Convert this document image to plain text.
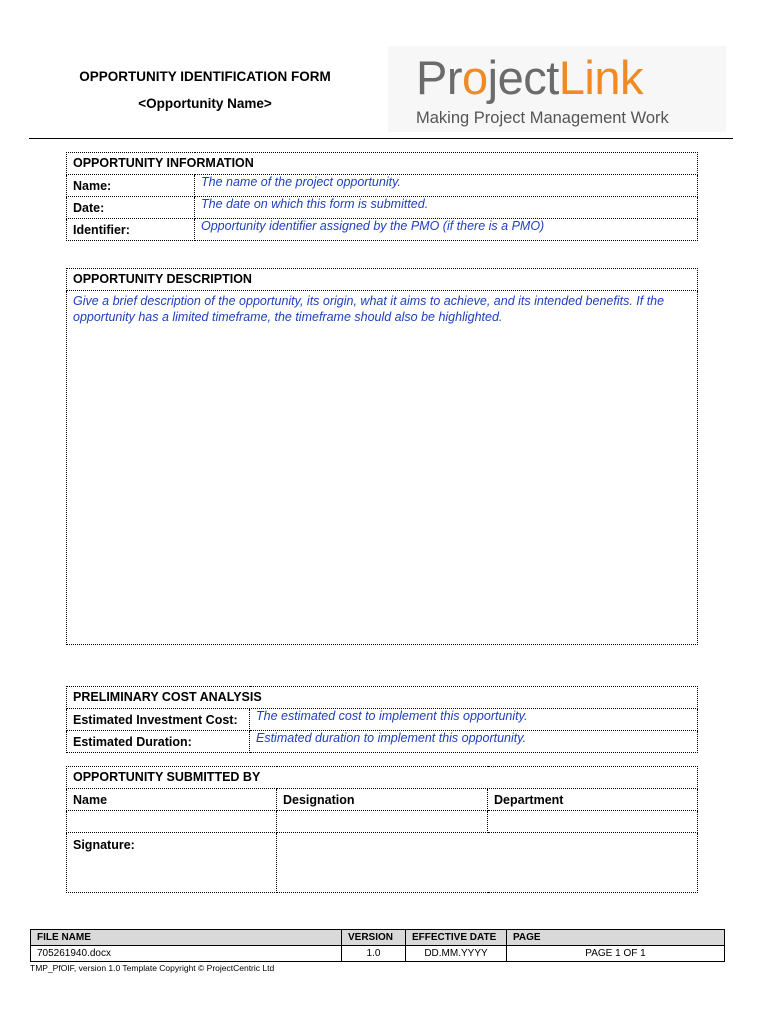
OPPORTUNITY IDENTIFICATION FORM
<Opportunity Name>	ProjectLink
Making Project Management Work
OPPORTUNITY INFORMATION	
Name:	The name of the project opportunity.
Date:	The date on which this form is submitted.
Identifier:	Opportunity identifier assigned by the PMO (if there is a PMO)
OPPORTUNITY DESCRIPTION
Give a brief description of the opportunity, its origin, what it aims to achieve, and its intended benefits. If the opportunity has a limited timeframe, the timeframe should also be highlighted.
PRELIMINARY COST ANALYSIS	
Estimated Investment Cost:	The estimated cost to implement this opportunity.
Estimated Duration:	Estimated duration to implement this opportunity.
OPPORTUNITY SUBMITTED BY		
Name	Designation	Department

Signature:		
FILE NAME	VERSION	EFFECTIVE DATE	PAGE
705261940.docx	1.0	DD.MM.YYYY	PAGE 1 OF 1
TMP_PfOIF, version 1.0 Template Copyright © ProjectCentric Ltd
